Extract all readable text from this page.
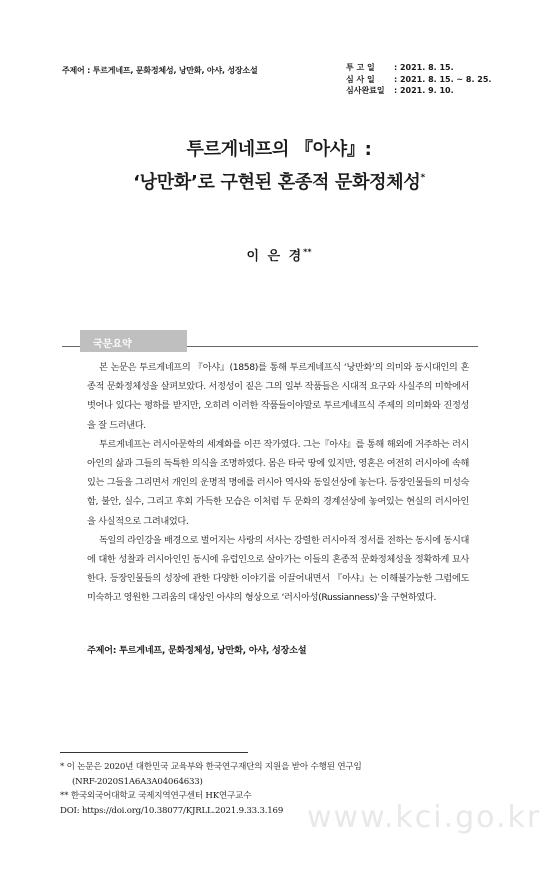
주제어 : 투르게네프, 문화정체성, 낭만화, 아샤, 성장소설	투 고 일	: 2021. 8. 15.
심 사 일	: 2021. 8. 15. ~ 8. 25.
심사완료일	: 2021. 9. 10.
투르게네프의 『아샤』:
‘낭만화’로 구현된 혼종적 문화정체성*
이 은 경**
국문요약

본 논문은 투르게네프의 『아샤』(1858)를 통해 투르게네프식 ‘낭만화’의 의미와 동시대인의 혼종적 문화정체성을 살펴보았다. 서정성이 짙은 그의 일부 작품들은 시대적 요구와 사실주의 미학에서 벗어나 있다는 평하를 받지만, 오히려 이러한 작품들이야말로 투르게네프식 주제의 의미화와 진정성을 잘 드러낸다.

투르게네프는 러시아문학의 세계화를 이끈 작가였다. 그는『아샤』를 통해 해외에 거주하는 러시아인의 삶과 그들의 독특한 의식을 조명하였다. 몸은 타국 땅에 있지만, 영혼은 여전히 러시아에 속해있는 그들을 그리면서 개인의 운명적 명에를 러시아 역사와 동일선상에 놓는다. 등장인물들의 미성숙함, 불안, 실수, 그리고 후회 가득한 모습은 이처럼 두 문화의 경계선상에 놓여있는 현실의 러시아인을 사실적으로 그려내었다.

독일의 라인강을 배경으로 벌어지는 사랑의 서사는 강렬한 러시아적 정서를 전하는 동시에 동시대에 대한 성찰과 러시아인인 동시에 유럽인으로 살아가는 이들의 혼종적 문화정체성을 정확하게 묘사한다. 등장인물들의 성장에 관한 다양한 이야기를 이끌어내면서 『아샤』는 이해불가능한 그럼에도 미숙하고 영원한 그리움의 대상인 아샤의 형상으로 ‘러시아성(Russianness)’을 구현하였다.

주제어: 투르게네프, 문화정체성, 낭만화, 아샤, 성장소설
* 이 논문은 2020년 대한민국 교육부와 한국연구재단의 지원을 받아 수행된 연구임
(NRF-2020S1A6A3A04064633)
** 한국외국어대학교 국제지역연구센터 HK연구교수
DOI: https://doi.org/10.38077/KJRLL.2021.9.33.3.169 www.kci.go.kr
